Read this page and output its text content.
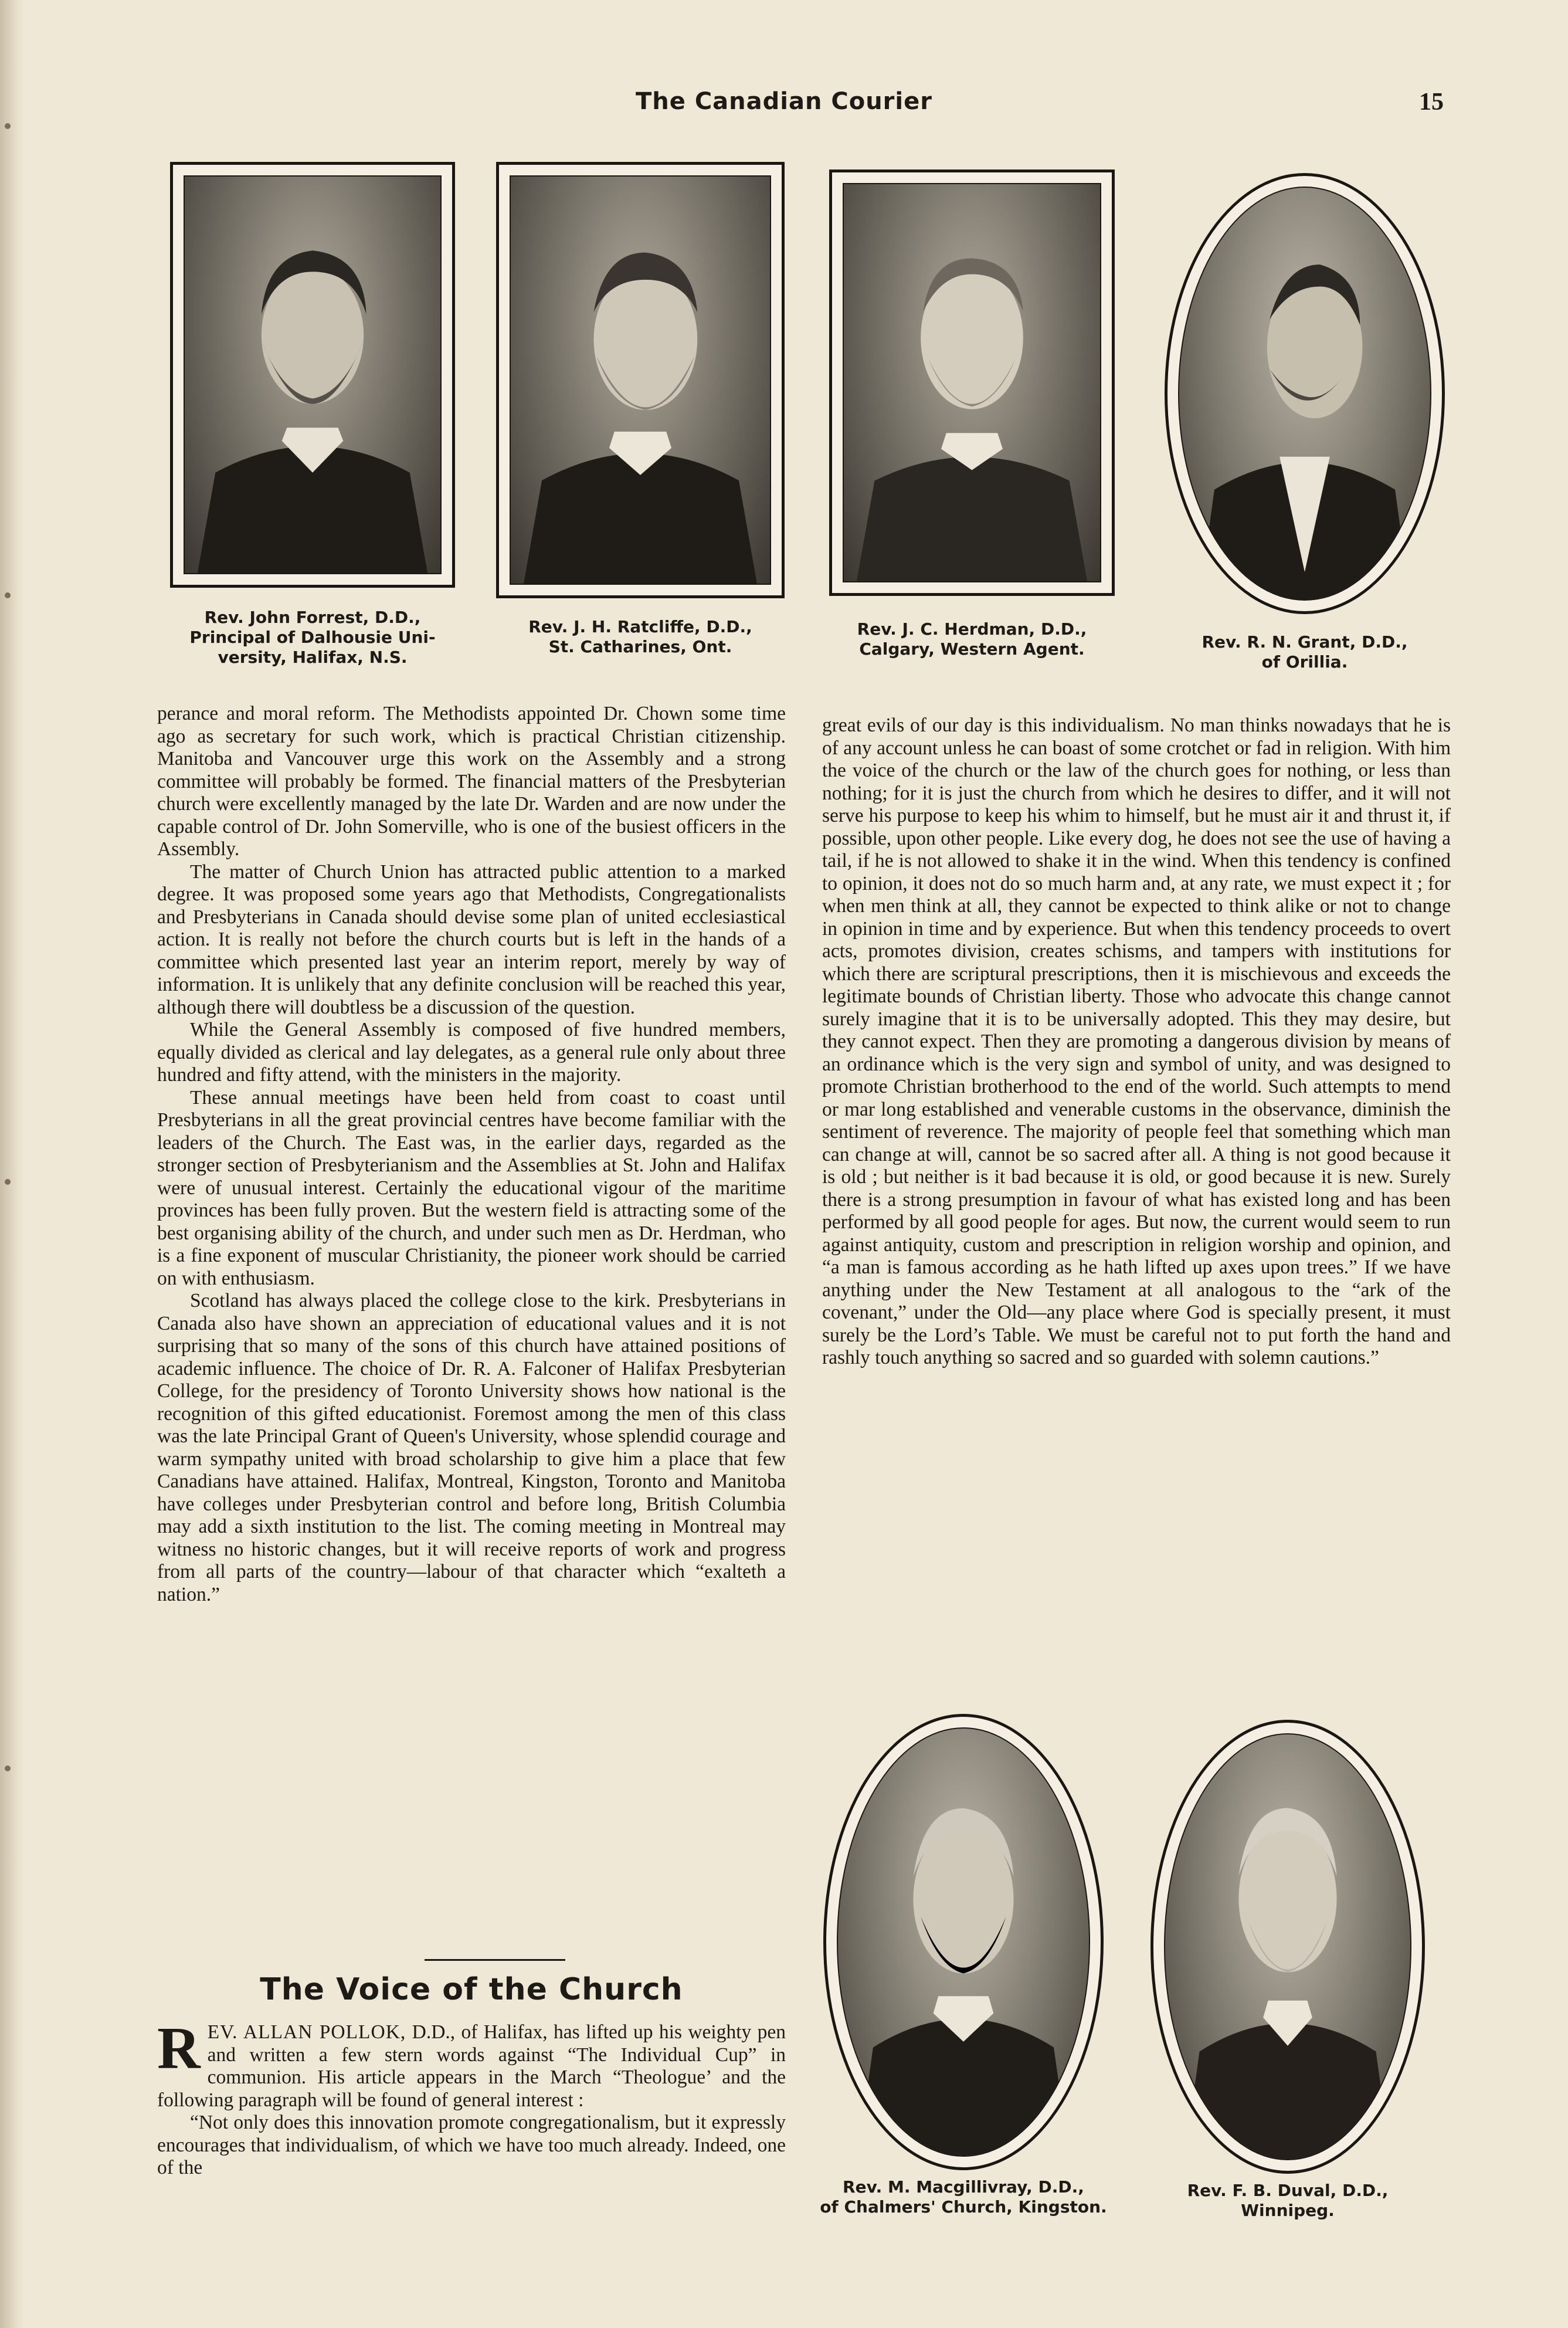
The Canadian Courier	15
Rev. John Forrest, D.D.,
Principal of Dalhousie Uni-
versity, Halifax, N.S.
Rev. J. H. Ratcliffe, D.D.,
St. Catharines, Ont.
Rev. J. C. Herdman, D.D.,
Calgary, Western Agent.	Rev. R. N. Grant, D.D.,
of Orillia.

perance and moral reform. The Methodists appointed Dr. Chown some time ago as secretary for such work, which is practical Christian citizenship. Manitoba and Vancouver urge this work on the Assembly and a strong committee will probably be formed. The financial matters of the Presbyterian church were excellently managed by the late Dr. Warden and are now under the capable control of Dr. John Somerville, who is one of the busiest officers in the Assembly.

The matter of Church Union has attracted public attention to a marked degree. It was proposed some years ago that Methodists, Congregationalists and Presbyterians in Canada should devise some plan of united ecclesiastical action. It is really not before the church courts but is left in the hands of a committee which presented last year an interim report, merely by way of information. It is unlikely that any definite conclusion will be reached this year, although there will doubtless be a discussion of the question.

While the General Assembly is composed of five hundred members, equally divided as clerical and lay delegates, as a general rule only about three hundred and fifty attend, with the ministers in the majority.

These annual meetings have been held from coast to coast until Presbyterians in all the great provincial centres have become familiar with the leaders of the Church. The East was, in the earlier days, regarded as the stronger section of Presbyterianism and the Assemblies at St. John and Halifax were of unusual interest. Certainly the educational vigour of the maritime provinces has been fully proven. But the western field is attracting some of the best organising ability of the church, and under such men as Dr. Herdman, who is a fine exponent of muscular Christianity, the pioneer work should be carried on with enthusiasm.

Scotland has always placed the college close to the kirk. Presbyterians in Canada also have shown an appreciation of educational values and it is not surprising that so many of the sons of this church have attained positions of academic influence. The choice of Dr. R. A. Falconer of Halifax Presbyterian College, for the presidency of Toronto University shows how national is the recognition of this gifted educationist. Foremost among the men of this class was the late Principal Grant of Queen's University, whose splendid courage and warm sympathy united with broad scholarship to give him a place that few Canadians have attained. Halifax, Montreal, Kingston, Toronto and Manitoba have colleges under Presbyterian control and before long, British Columbia may add a sixth institution to the list. The coming meeting in Montreal may witness no historic changes, but it will receive reports of work and progress from all parts of the country—labour of that character which “exalteth a nation.”

The Voice of the Church

REV. ALLAN POLLOK, D.D., of Halifax, has lifted up his weighty pen and written a few stern words against “The Individual Cup” in communion. His article appears in the March “Theologue’ and the following paragraph will be found of general interest :

“Not only does this innovation promote congregationalism, but it expressly encourages that individualism, of which we have too much already. Indeed, one of the

great evils of our day is this individualism. No man thinks nowadays that he is of any account unless he can boast of some crotchet or fad in religion. With him the voice of the church or the law of the church goes for nothing, or less than nothing; for it is just the church from which he desires to differ, and it will not serve his purpose to keep his whim to himself, but he must air it and thrust it, if possible, upon other people. Like every dog, he does not see the use of having a tail, if he is not allowed to shake it in the wind. When this tendency is confined to opinion, it does not do so much harm and, at any rate, we must expect it ; for when men think at all, they cannot be expected to think alike or not to change in opinion in time and by experience. But when this tendency proceeds to overt acts, promotes division, creates schisms, and tampers with institutions for which there are scriptural prescriptions, then it is mischievous and exceeds the legitimate bounds of Christian liberty. Those who advocate this change cannot surely imagine that it is to be universally adopted. This they may desire, but they cannot expect. Then they are promoting a dangerous division by means of an ordinance which is the very sign and symbol of unity, and was designed to promote Christian brotherhood to the end of the world. Such attempts to mend or mar long established and venerable customs in the observance, diminish the sentiment of reverence. The majority of people feel that something which man can change at will, cannot be so sacred after all. A thing is not good because it is old ; but neither is it bad because it is old, or good because it is new. Surely there is a strong presumption in favour of what has existed long and has been performed by all good people for ages. But now, the current would seem to run against antiquity, custom and prescription in religion worship and opinion, and “a man is famous according as he hath lifted up axes upon trees.” If we have anything under the New Testament at all analogous to the “ark of the covenant,” under the Old—any place where God is specially present, it must surely be the Lord’s Table. We must be careful not to put forth the hand and rashly touch anything so sacred and so guarded with solemn cautions.”

Rev. M. Macgillivray, D.D.,
of Chalmers' Church, Kingston.
Rev. F. B. Duval, D.D.,
Winnipeg.
